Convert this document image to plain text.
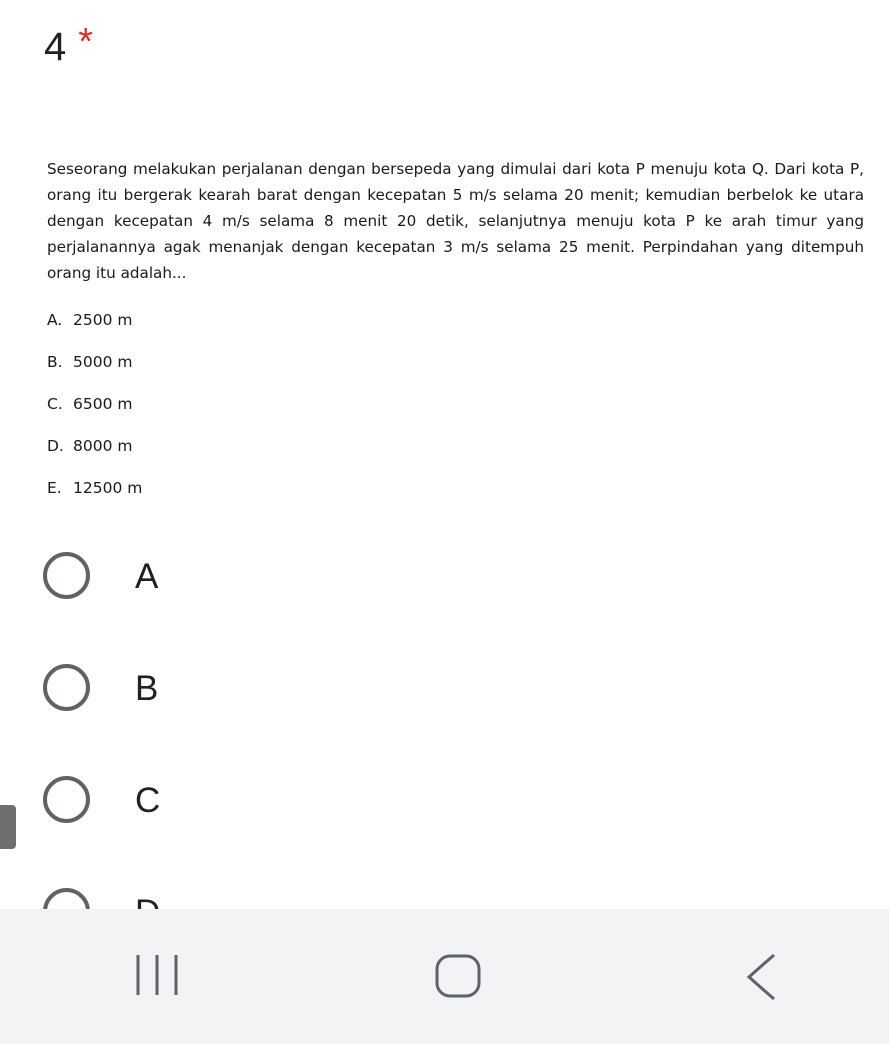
4 *
Seseorang melakukan perjalanan dengan bersepeda yang dimulai dari kota P menuju kota Q. Dari kota P, orang itu bergerak kearah barat dengan kecepatan 5 m/s selama 20 menit; kemudian berbelok ke utara dengan kecepatan 4 m/s selama 8 menit 20 detik, selanjutnya menuju kota P ke arah timur yang perjalanannya agak menanjak dengan kecepatan 3 m/s selama 25 menit. Perpindahan yang ditempuh orang itu adalah...
A. 2500 m
B. 5000 m
C. 6500 m
D. 8000 m
E. 12500 m
A
B
C
